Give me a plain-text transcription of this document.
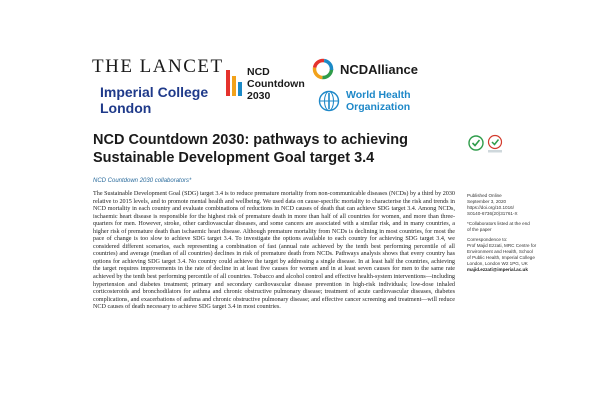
THE LANCET
Imperial College
London
NCD
Countdown
2030
NCDAlliance
World Health
Organization
NCD Countdown 2030: pathways to achieving Sustainable Development Goal target 3.4
NCD Countdown 2030 collaborators*

The Sustainable Development Goal (SDG) target 3.4 is to reduce premature mortality from non-communicable diseases (NCDs) by a third by 2030 relative to 2015 levels, and to promote mental health and wellbeing. We used data on cause-specific mortality to characterise the risk and trends in NCD mortality in each country and evaluate combinations of reductions in NCD causes of death that can achieve SDG target 3.4. Among NCDs, ischaemic heart disease is responsible for the highest risk of premature death in more than half of all countries for women, and more than three-quarters for men. However, stroke, other cardiovascular diseases, and some cancers are associated with a similar risk, and in many countries, a higher risk of premature death than ischaemic heart disease. Although premature mortality from NCDs is declining in most countries, for most the pace of change is too slow to achieve SDG target 3.4. To investigate the options available to each country for achieving SDG target 3.4, we considered different scenarios, each representing a combination of fast (annual rate achieved by the tenth best performing percentile of all countries) and average (median of all countries) declines in risk of premature death from NCDs. Pathways analysis shows that every country has options for achieving SDG target 3.4. No country could achieve the target by addressing a single disease. In at least half the countries, achieving the target requires improvements in the rate of decline in at least five causes for women and in at least seven causes for men to the same rate achieved by the tenth best performing percentile of all countries. Tobacco and alcohol control and effective health-system interventions—including hypertension and diabetes treatment; primary and secondary cardiovascular disease prevention in high-risk individuals; low-dose inhaled corticosteroids and bronchodilators for asthma and chronic obstructive pulmonary disease; treatment of acute cardiovascular diseases, diabetes complications, and exacerbations of asthma and chronic obstructive pulmonary disease; and effective cancer screening and treatment—will reduce NCD causes of death necessary to achieve SDG target 3.4 in most countries.

Published Online
September 3, 2020
https://doi.org/10.1016/
S0140-6736(20)31761-X
*Collaborators listed at the end
of the paper
Correspondence to:
Prof Majid Ezzati, MRC Centre for
Environment and Health, School
of Public Health, Imperial College
London, London W2 1PG, UK
majid.ezzati@imperial.ac.uk
